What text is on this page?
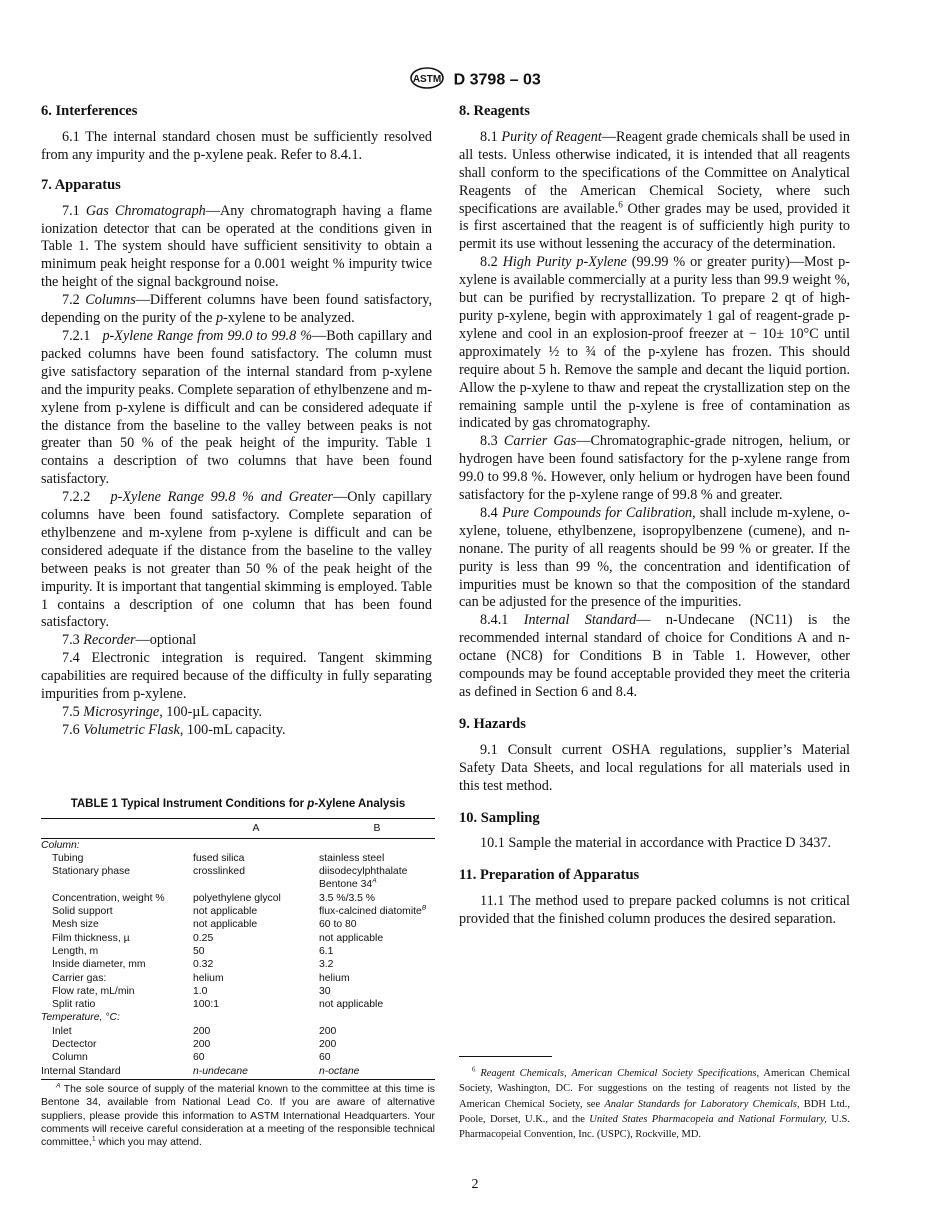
ASTM D 3798 – 03
6. Interferences

6.1 The internal standard chosen must be sufficiently resolved from any impurity and the p-xylene peak. Refer to 8.4.1.

7. Apparatus

7.1 Gas Chromatograph—Any chromatograph having a flame ionization detector that can be operated at the conditions given in Table 1. The system should have sufficient sensitivity to obtain a minimum peak height response for a 0.001 weight % impurity twice the height of the signal background noise.

7.2 Columns—Different columns have been found satisfactory, depending on the purity of the p-xylene to be analyzed.

7.2.1 p-Xylene Range from 99.0 to 99.8 %—Both capillary and packed columns have been found satisfactory. The column must give satisfactory separation of the internal standard from p-xylene and the impurity peaks. Complete separation of ethylbenzene and m-xylene from p-xylene is difficult and can be considered adequate if the distance from the baseline to the valley between peaks is not greater than 50 % of the peak height of the impurity. Table 1 contains a description of two columns that have been found satisfactory.

7.2.2 p-Xylene Range 99.8 % and Greater—Only capillary columns have been found satisfactory. Complete separation of ethylbenzene and m-xylene from p-xylene is difficult and can be considered adequate if the distance from the baseline to the valley between peaks is not greater than 50 % of the peak height of the impurity. It is important that tangential skimming is employed. Table 1 contains a description of one column that has been found satisfactory.

7.3 Recorder—optional

7.4 Electronic integration is required. Tangent skimming capabilities are required because of the difficulty in fully separating impurities from p-xylene.

7.5 Microsyringe, 100-µL capacity.

7.6 Volumetric Flask, 100-mL capacity.

TABLE 1 Typical Instrument Conditions for p-Xylene Analysis
	A	B
Column:		
Tubing	fused silica	stainless steel
Stationary phase	crosslinked	diisodecylphthalate
		Bentone $34^A$
Concentration, weight %	polyethylene glycol	3.5 %/3.5 %
Solid support	not applicable	flux-calcined diatomite$^B$
Mesh size	not applicable	60 to 80
Film thickness, µ	0.25	not applicable
Length, m	50	6.1
Inside diameter, mm	0.32	3.2
Carrier gas:	helium	helium
Flow rate, mL/min	1.0	30
Split ratio	100:1	not applicable
Temperature, °C:		
Inlet	200	200
Dectector	200	200
Column	60	60
Internal Standard	n-undecane	n-octane
$^A$ The sole source of supply of the material known to the committee at this time is Bentone 34, available from National Lead Co. If you are aware of alternative suppliers, please provide this information to ASTM International Headquarters. Your comments will receive careful consideration at a meeting of the responsible technical committee,$^1$ which you may attend.
8. Reagents

8.1 Purity of Reagent—Reagent grade chemicals shall be used in all tests. Unless otherwise indicated, it is intended that all reagents shall conform to the specifications of the Committee on Analytical Reagents of the American Chemical Society, where such specifications are available.$^6$ Other grades may be used, provided it is first ascertained that the reagent is of sufficiently high purity to permit its use without lessening the accuracy of the determination.

8.2 High Purity p-Xylene (99.99 % or greater purity)—Most p-xylene is available commercially at a purity less than 99.9 weight %, but can be purified by recrystallization. To prepare 2 qt of high-purity p-xylene, begin with approximately 1 gal of reagent-grade p-xylene and cool in an explosion-proof freezer at − 10± 10°C until approximately ½ to ¾ of the p-xylene has frozen. This should require about 5 h. Remove the sample and decant the liquid portion. Allow the p-xylene to thaw and repeat the crystallization step on the remaining sample until the p-xylene is free of contamination as indicated by gas chromatography.

8.3 Carrier Gas—Chromatographic-grade nitrogen, helium, or hydrogen have been found satisfactory for the p-xylene range from 99.0 to 99.8 %. However, only helium or hydrogen have been found satisfactory for the p-xylene range of 99.8 % and greater.

8.4 Pure Compounds for Calibration, shall include m-xylene, o-xylene, toluene, ethylbenzene, isopropylbenzene (cumene), and n-nonane. The purity of all reagents should be 99 % or greater. If the purity is less than 99 %, the concentration and identification of impurities must be known so that the composition of the standard can be adjusted for the presence of the impurities.

8.4.1 Internal Standard— n-Undecane (NC11) is the recommended internal standard of choice for Conditions A and n-octane (NC8) for Conditions B in Table 1. However, other compounds may be found acceptable provided they meet the criteria as defined in Section 6 and 8.4.

9. Hazards

9.1 Consult current OSHA regulations, supplier’s Material Safety Data Sheets, and local regulations for all materials used in this test method.

10. Sampling

10.1 Sample the material in accordance with Practice D 3437.

11. Preparation of Apparatus

11.1 The method used to prepare packed columns is not critical provided that the finished column produces the desired separation.

$^6$ Reagent Chemicals, American Chemical Society Specifications, American Chemical Society, Washington, DC. For suggestions on the testing of reagents not listed by the American Chemical Society, see Analar Standards for Laboratory Chemicals, BDH Ltd., Poole, Dorset, U.K., and the United States Pharmacopeia and National Formulary, U.S. Pharmacopeial Convention, Inc. (USPC), Rockville, MD.
2
